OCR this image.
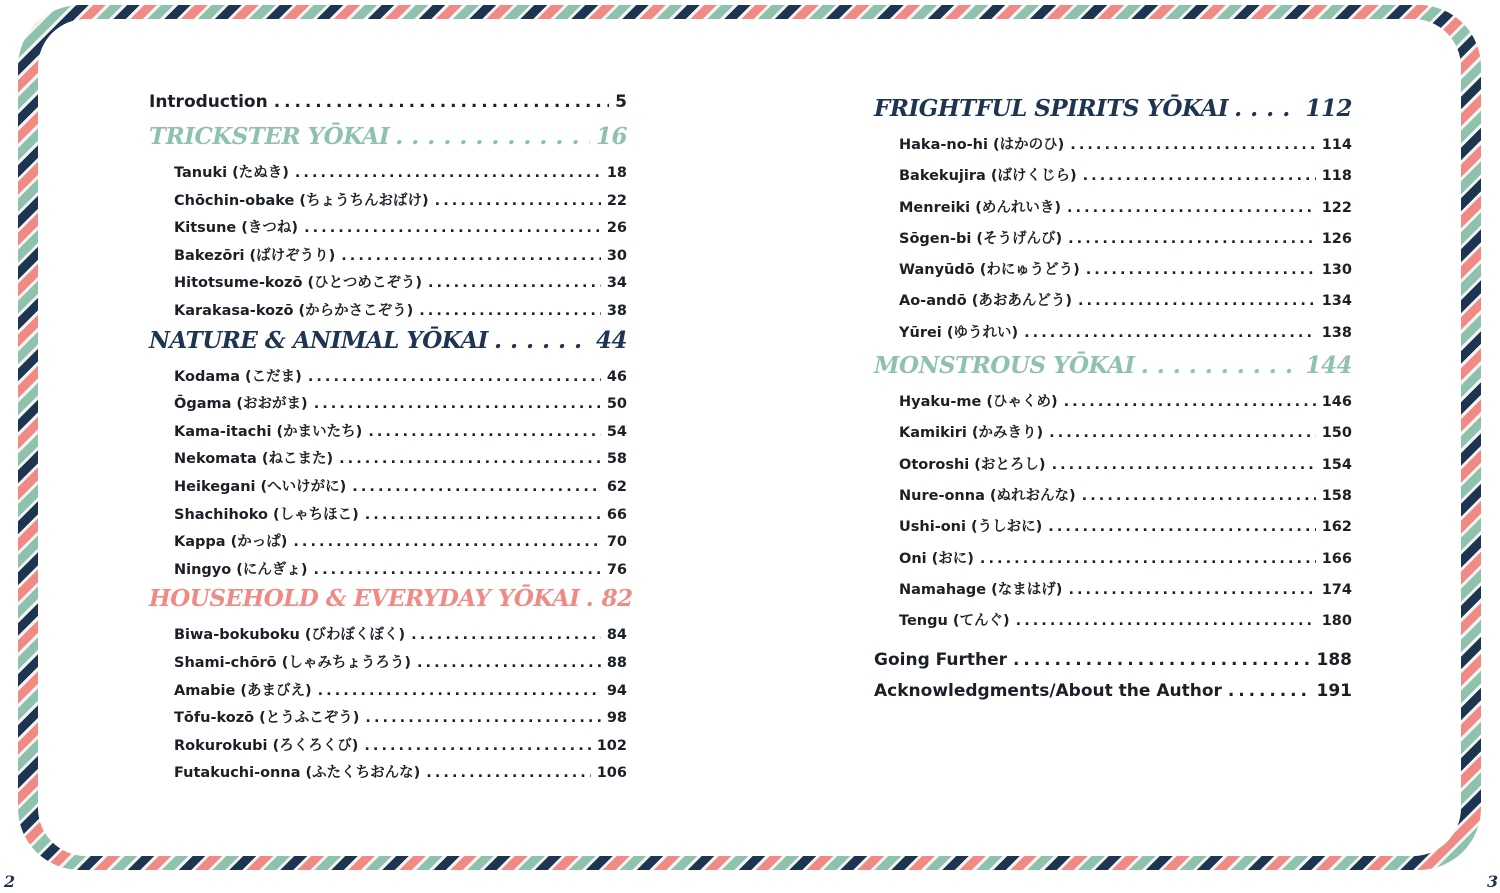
Introduction . . .	5
TRICKSTER YŌKAI . . .	16
Tanuki (たぬき) . . .	18
Chōchin-obake (ちょうちんおばけ) . . .	22
Kitsune (きつね) . . .	26
Bakezōri (ばけぞうり) . . .	30
Hitotsume-kozō (ひとつめこぞう) . . .	34
Karakasa-kozō (からかさこぞう) . . .	38
NATURE & ANIMAL YŌKAI . . .	44
Kodama (こだま) . . .	46
Ōgama (おおがま) . . .	50
Kama-itachi (かまいたち) . . .	54
Nekomata (ねこまた) . . .	58
Heikegani (へいけがに) . . .	62
Shachihoko (しゃちほこ) . . .	66
Kappa (かっぱ) . . .	70
Ningyo (にんぎょ) . . .	76
HOUSEHOLD & EVERYDAY YŌKAI . . . 82
Biwa-bokuboku (びわぼくぼく) . . .	84
Shami-chōrō (しゃみちょうろう) . . .	88
Amabie (あまびえ) . . .	94
Tōfu-kozō (とうふこぞう) . . .	98
Rokurokubi (ろくろくび) . . .	102
Futakuchi-onna (ふたくちおんな) . . .	106
FRIGHTFUL SPIRITS YŌKAI . . .	112
Haka-no-hi (はかのひ) . . .	114
Bakekujira (ばけくじら) . . .	118
Menreiki (めんれいき) . . .	122
Sōgen-bi (そうげんび) . . .	126
Wanyūdō (わにゅうどう) . . .	130
Ao-andō (あおあんどう) . . .	134
Yūrei (ゆうれい) . . .	138
MONSTROUS YŌKAI . . .	144
Hyaku-me (ひゃくめ) . . .	146
Kamikiri (かみきり) . . .	150
Otoroshi (おとろし) . . .	154
Nure-onna (ぬれおんな) . . .	158
Ushi-oni (うしおに) . . .	162
Oni (おに) . . .	166
Namahage (なまはげ) . . .	174
Tengu (てんぐ) . . .	180
Going Further . . .	188
Acknowledgments/About the Author . . .	191
2	3
